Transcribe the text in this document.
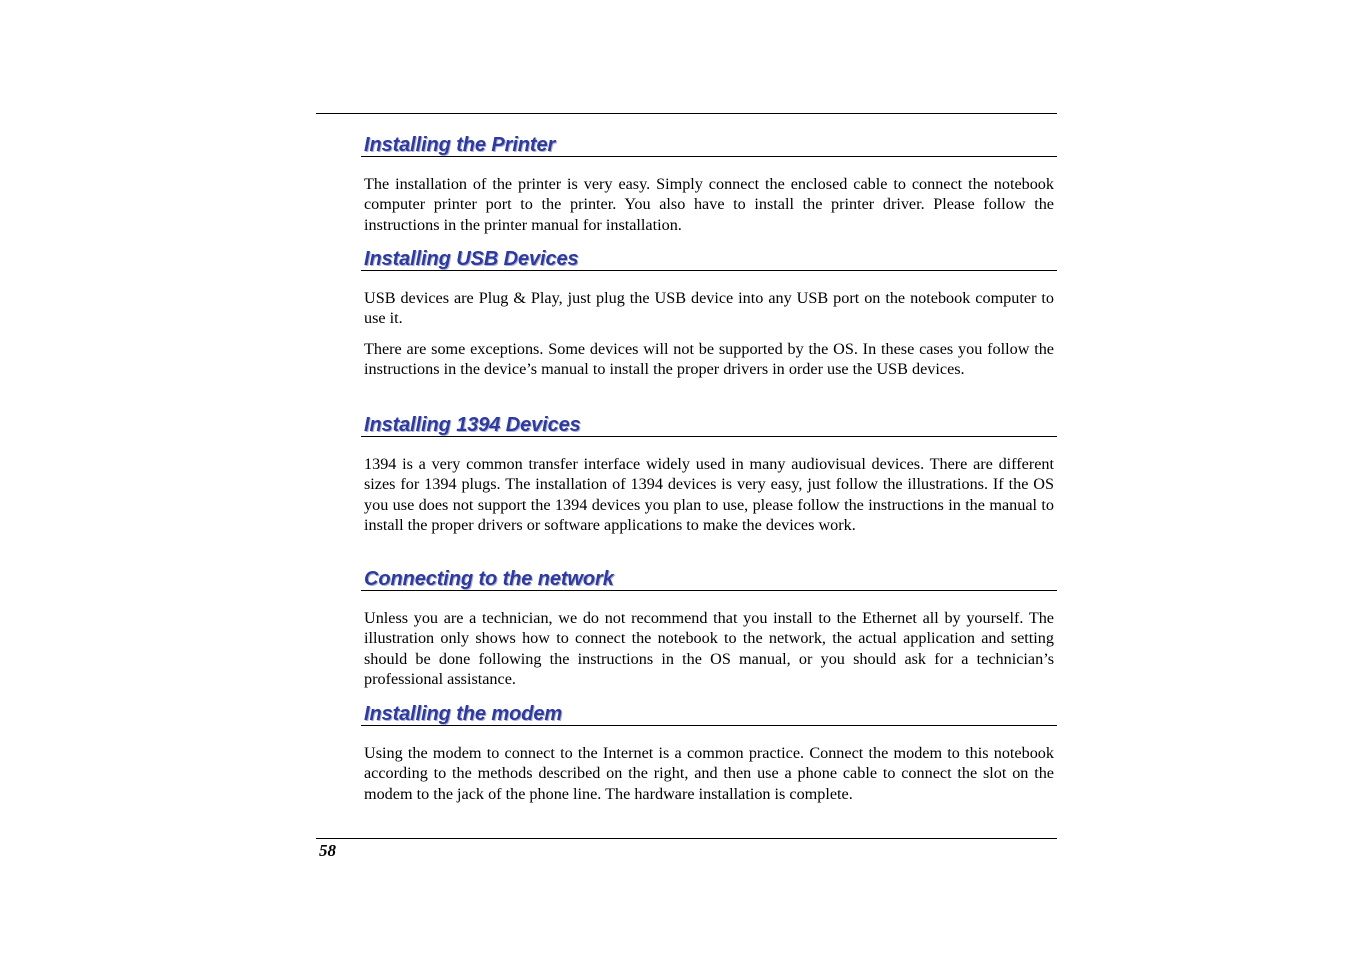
Installing the Printer

The installation of the printer is very easy. Simply connect the enclosed cable to connect the notebook computer printer port to the printer. You also have to install the printer driver. Please follow the instructions in the printer manual for installation.

Installing USB Devices

USB devices are Plug & Play, just plug the USB device into any USB port on the notebook computer to use it.

There are some exceptions. Some devices will not be supported by the OS. In these cases you follow the instructions in the device’s manual to install the proper drivers in order use the USB devices.

Installing 1394 Devices

1394 is a very common transfer interface widely used in many audiovisual devices. There are different sizes for 1394 plugs. The installation of 1394 devices is very easy, just follow the illustrations. If the OS you use does not support the 1394 devices you plan to use, please follow the instructions in the manual to install the proper drivers or software applications to make the devices work.

Connecting to the network

Unless you are a technician, we do not recommend that you install to the Ethernet all by yourself. The illustration only shows how to connect the notebook to the network, the actual application and setting should be done following the instructions in the OS manual, or you should ask for a technician’s professional assistance.

Installing the modem

Using the modem to connect to the Internet is a common practice. Connect the modem to this notebook according to the methods described on the right, and then use a phone cable to connect the slot on the modem to the jack of the phone line. The hardware installation is complete.

58
